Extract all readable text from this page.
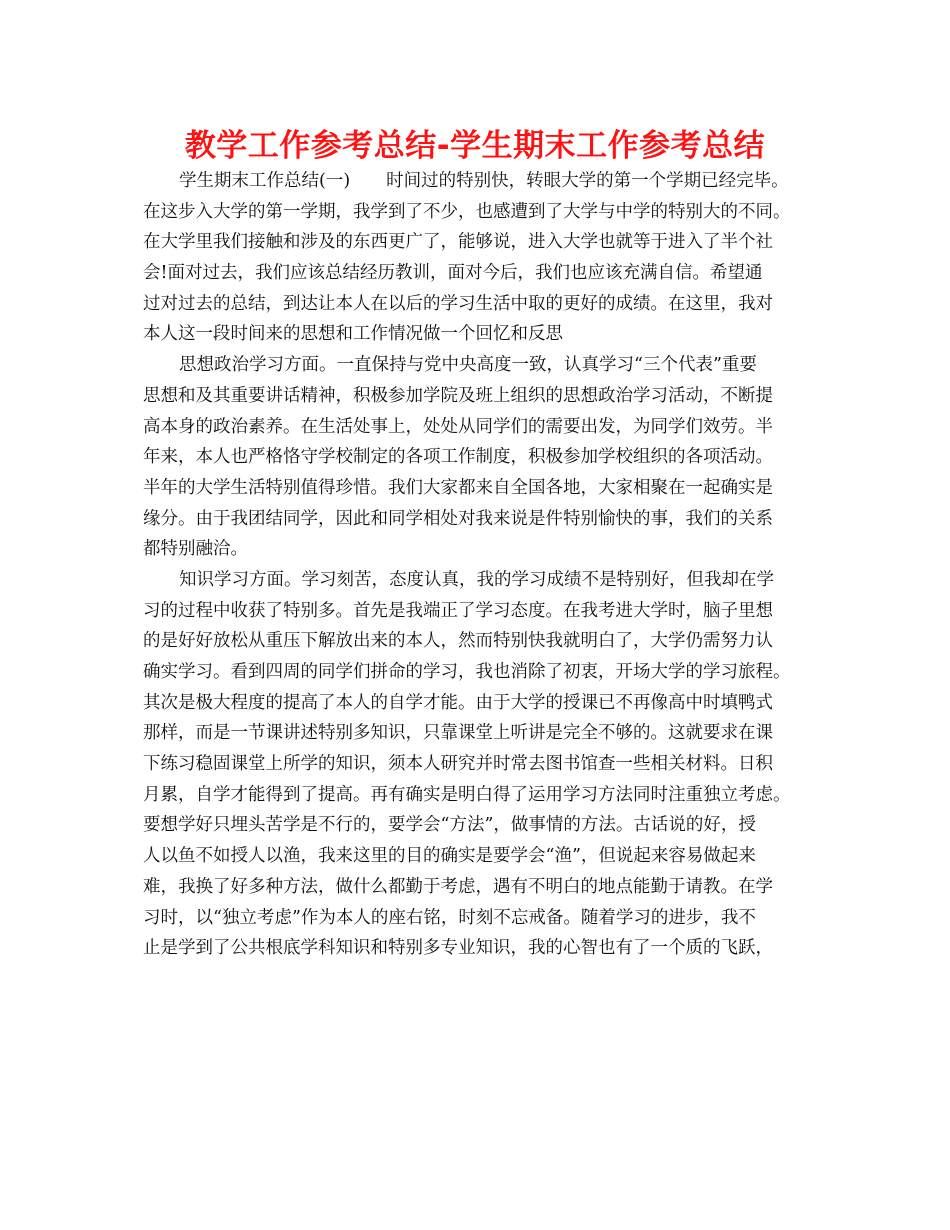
教学工作参考总结-学生期末工作参考总结
学生期末工作总结(一) 时间过的特别快，转眼大学的第一个学期已经完毕。
在这步入大学的第一学期，我学到了不少，也感遭到了大学与中学的特别大的不同。
在大学里我们接触和涉及的东西更广了，能够说，进入大学也就等于进入了半个社
会!面对过去，我们应该总结经历教训，面对今后，我们也应该充满自信。希望通
过对过去的总结，到达让本人在以后的学习生活中取的更好的成绩。在这里，我对
本人这一段时间来的思想和工作情况做一个回忆和反思
思想政治学习方面。一直保持与党中央高度一致，认真学习“三个代表”重要
思想和及其重要讲话精神，积极参加学院及班上组织的思想政治学习活动，不断提
高本身的政治素养。在生活处事上，处处从同学们的需要出发，为同学们效劳。半
年来，本人也严格恪守学校制定的各项工作制度，积极参加学校组织的各项活动。
半年的大学生活特别值得珍惜。我们大家都来自全国各地，大家相聚在一起确实是
缘分。由于我团结同学，因此和同学相处对我来说是件特别愉快的事，我们的关系
都特别融洽。
知识学习方面。学习刻苦，态度认真，我的学习成绩不是特别好，但我却在学
习的过程中收获了特别多。首先是我端正了学习态度。在我考进大学时，脑子里想
的是好好放松从重压下解放出来的本人，然而特别快我就明白了，大学仍需努力认
确实学习。看到四周的同学们拼命的学习，我也消除了初衷，开场大学的学习旅程。
其次是极大程度的提高了本人的自学才能。由于大学的授课已不再像高中时填鸭式
那样，而是一节课讲述特别多知识，只靠课堂上听讲是完全不够的。这就要求在课
下练习稳固课堂上所学的知识，须本人研究并时常去图书馆查一些相关材料。日积
月累，自学才能得到了提高。再有确实是明白得了运用学习方法同时注重独立考虑。
要想学好只埋头苦学是不行的，要学会“方法”，做事情的方法。古话说的好，授
人以鱼不如授人以渔，我来这里的目的确实是要学会“渔”，但说起来容易做起来
难，我换了好多种方法，做什么都勤于考虑，遇有不明白的地点能勤于请教。在学
习时，以“独立考虑”作为本人的座右铭，时刻不忘戒备。随着学习的进步，我不
止是学到了公共根底学科知识和特别多专业知识，我的心智也有了一个质的飞跃，
